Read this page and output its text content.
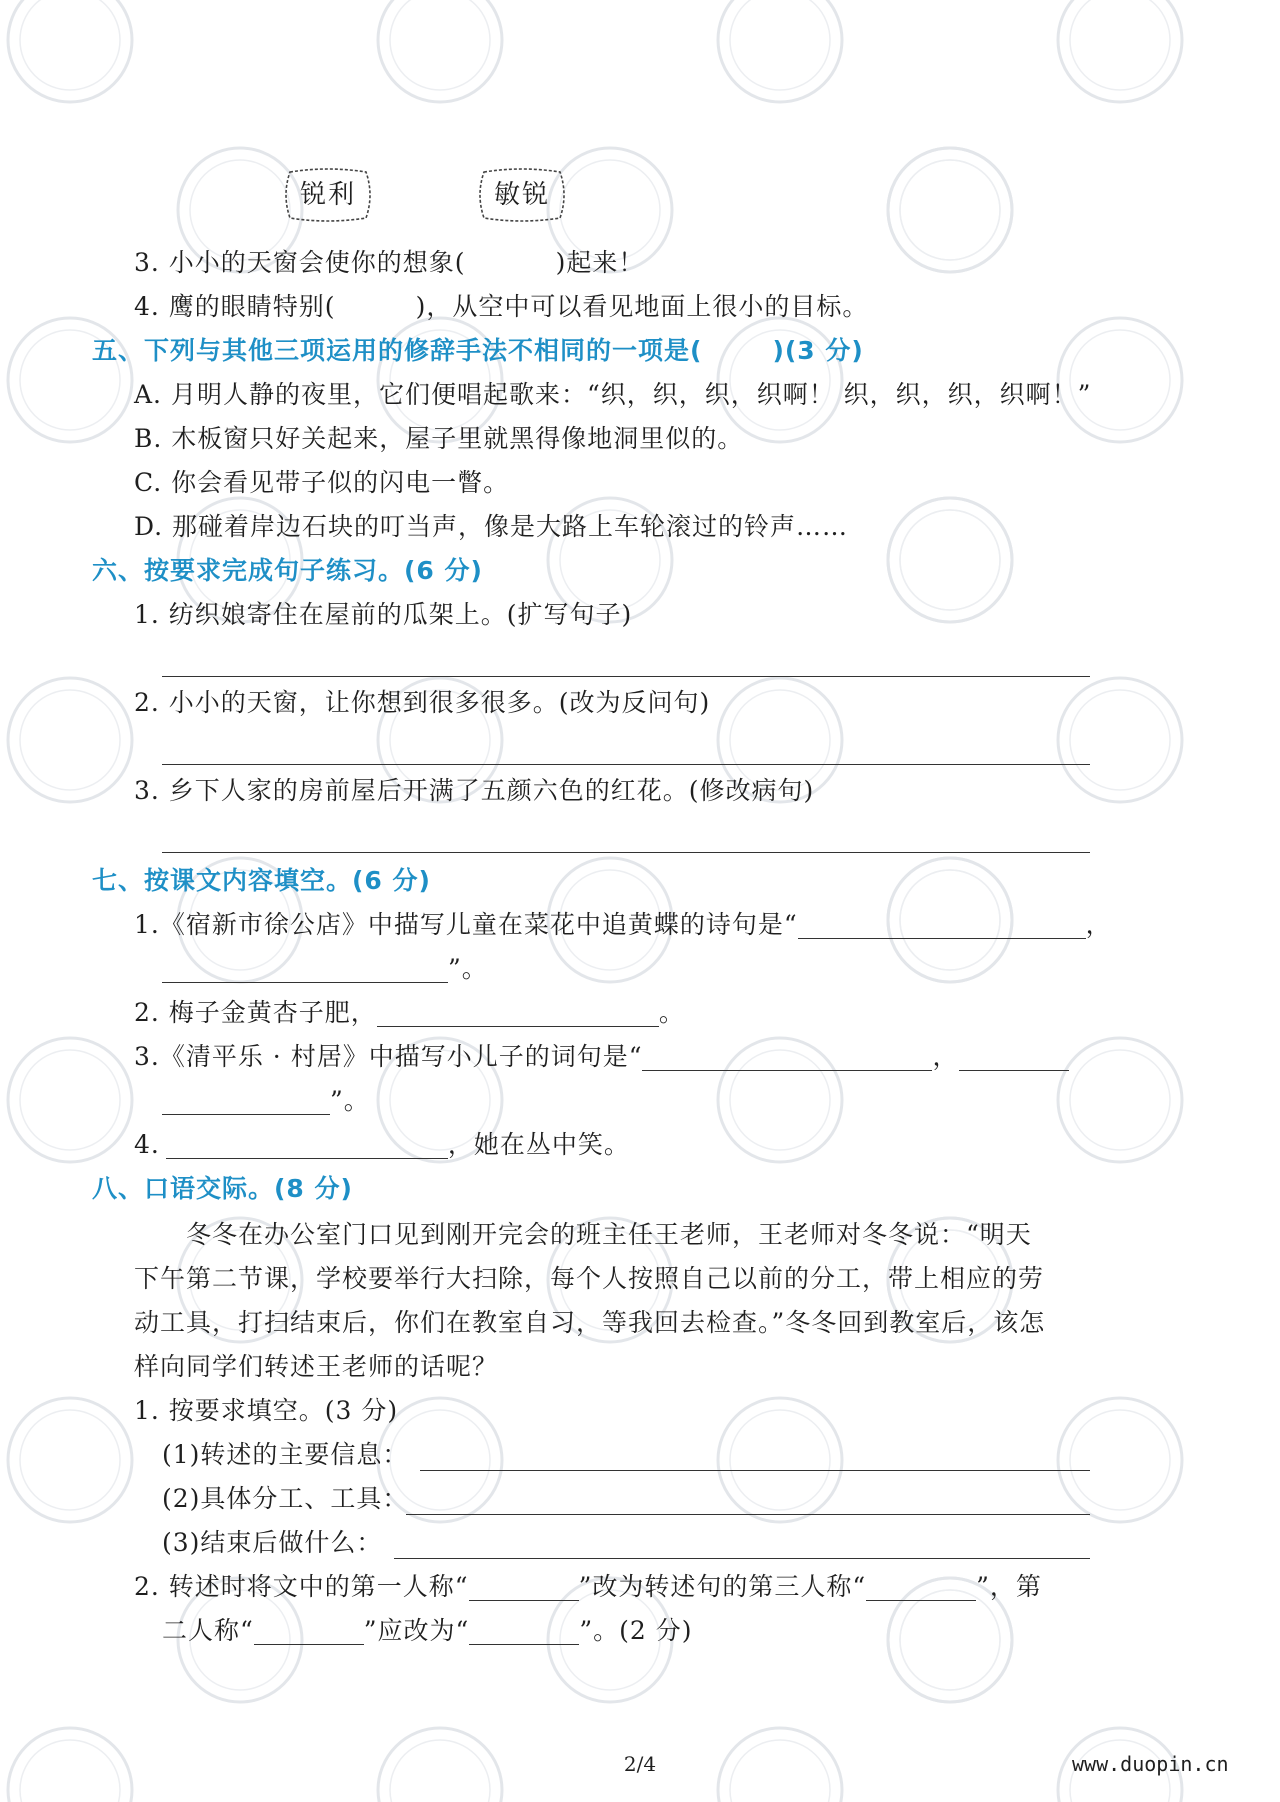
锐利	敏锐
3. 小小的天窗会使你的想象(	)起来！
4. 鹰的眼睛特别(	)，从空中可以看见地面上很小的目标。
五、下列与其他三项运用的修辞手法不相同的一项是(	)(3 分)
A. 月明人静的夜里，它们便唱起歌来：“织，织，织，织啊！ 织，织，织，织啊！”
B. 木板窗只好关起来，屋子里就黑得像地洞里似的。
C. 你会看见带子似的闪电一瞥。
D. 那碰着岸边石块的叮当声，像是大路上车轮滚过的铃声……
六、按要求完成句子练习。(6 分)
1. 纺织娘寄住在屋前的瓜架上。(扩写句子)
2. 小小的天窗，让你想到很多很多。(改为反问句)
3. 乡下人家的房前屋后开满了五颜六色的红花。(修改病句)
七、按课文内容填空。(6 分)
1.《宿新市徐公店》中描写儿童在菜花中追黄蝶的诗句是“	，
”。
2. 梅子金黄杏子肥，	。
3.《清平乐 · 村居》中描写小儿子的词句是“	，
”。
4.	，她在丛中笑。
八、口语交际。(8 分)
冬冬在办公室门口见到刚开完会的班主任王老师，王老师对冬冬说：“明天
下午第二节课，学校要举行大扫除，每个人按照自己以前的分工，带上相应的劳
动工具，打扫结束后，你们在教室自习，等我回去检查。”冬冬回到教室后，该怎
样向同学们转述王老师的话呢？
1. 按要求填空。(3 分)
(1)转述的主要信息：
(2)具体分工、工具：
(3)结束后做什么：
2. 转述时将文中的第一人称“	”改为转述句的第三人称“	”，第
二人称“	”应改为“	”。(2 分)
2/4	www.duopin.cn
